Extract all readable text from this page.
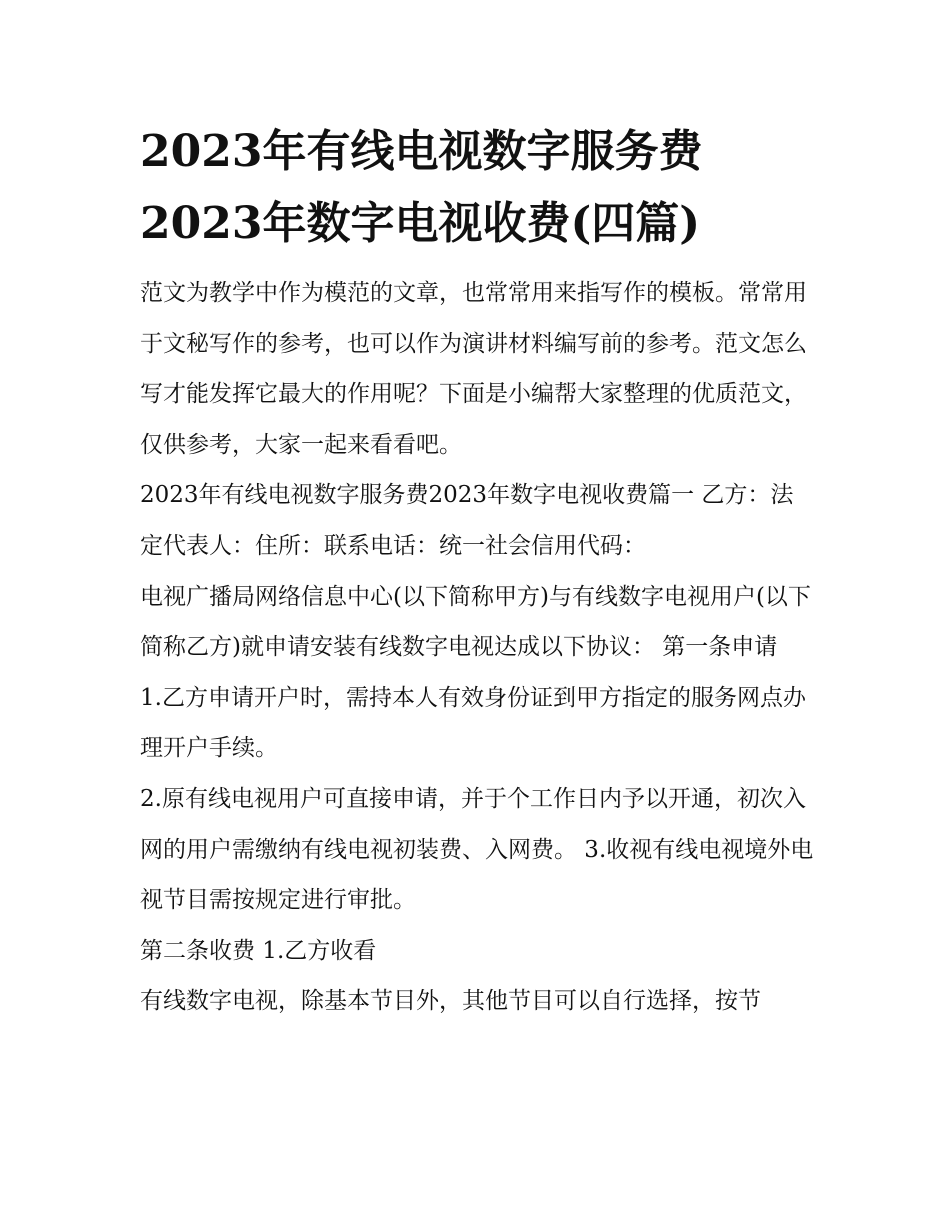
2023年有线电视数字服务费
2023年数字电视收费(四篇)

范文为教学中作为模范的文章，也常常用来指写作的模板。常常用于文秘写作的参考，也可以作为演讲材料编写前的参考。范文怎么写才能发挥它最大的作用呢？下面是小编帮大家整理的优质范文，仅供参考，大家一起来看看吧。

2023年有线电视数字服务费2023年数字电视收费篇一 乙方：法定代表人：住所：联系电话：统一社会信用代码：

电视广播局网络信息中心(以下简称甲方)与有线数字电视用户(以下简称乙方)就申请安装有线数字电视达成以下协议： 第一条申请

1.乙方申请开户时，需持本人有效身份证到甲方指定的服务网点办理开户手续。

2.原有线电视用户可直接申请，并于个工作日内予以开通，初次入网的用户需缴纳有线电视初装费、入网费。 3.收视有线电视境外电视节目需按规定进行审批。

第二条收费 1.乙方收看

有线数字电视，除基本节目外，其他节目可以自行选择，按节
